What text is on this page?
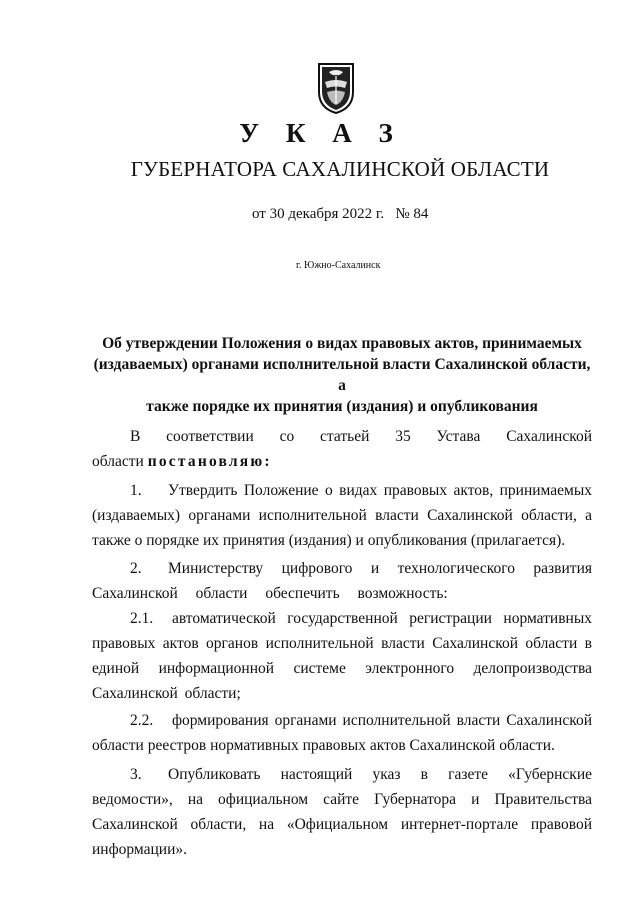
У К А З
ГУБЕРНАТОРА САХАЛИНСКОЙ ОБЛАСТИ
от 30 декабря 2022 г. № 84
г. Южно-Сахалинск
Об утверждении Положения о видах правовых актов, принимаемых
(издаваемых) органами исполнительной власти Сахалинской области, а
также порядке их принятия (издания) и опубликования
В соответствии со статьей 35 Устава Сахалинской области постановляю:
1. Утвердить Положение о видах правовых актов, принимаемых (издаваемых) органами исполнительной власти Сахалинской области, а также о порядке их принятия (издания) и опубликования (прилагается).
2. Министерству цифрового и технологического развития Сахалинской области обеспечить возможность:
2.1. автоматической государственной регистрации нормативных правовых актов органов исполнительной власти Сахалинской области в единой информационной системе электронного делопроизводства Сахалинской области;
2.2. формирования органами исполнительной власти Сахалинской области реестров нормативных правовых актов Сахалинской области.
3. Опубликовать настоящий указ в газете «Губернские ведомости», на официальном сайте Губернатора и Правительства Сахалинской области, на «Официальном интернет-портале правовой информации».
